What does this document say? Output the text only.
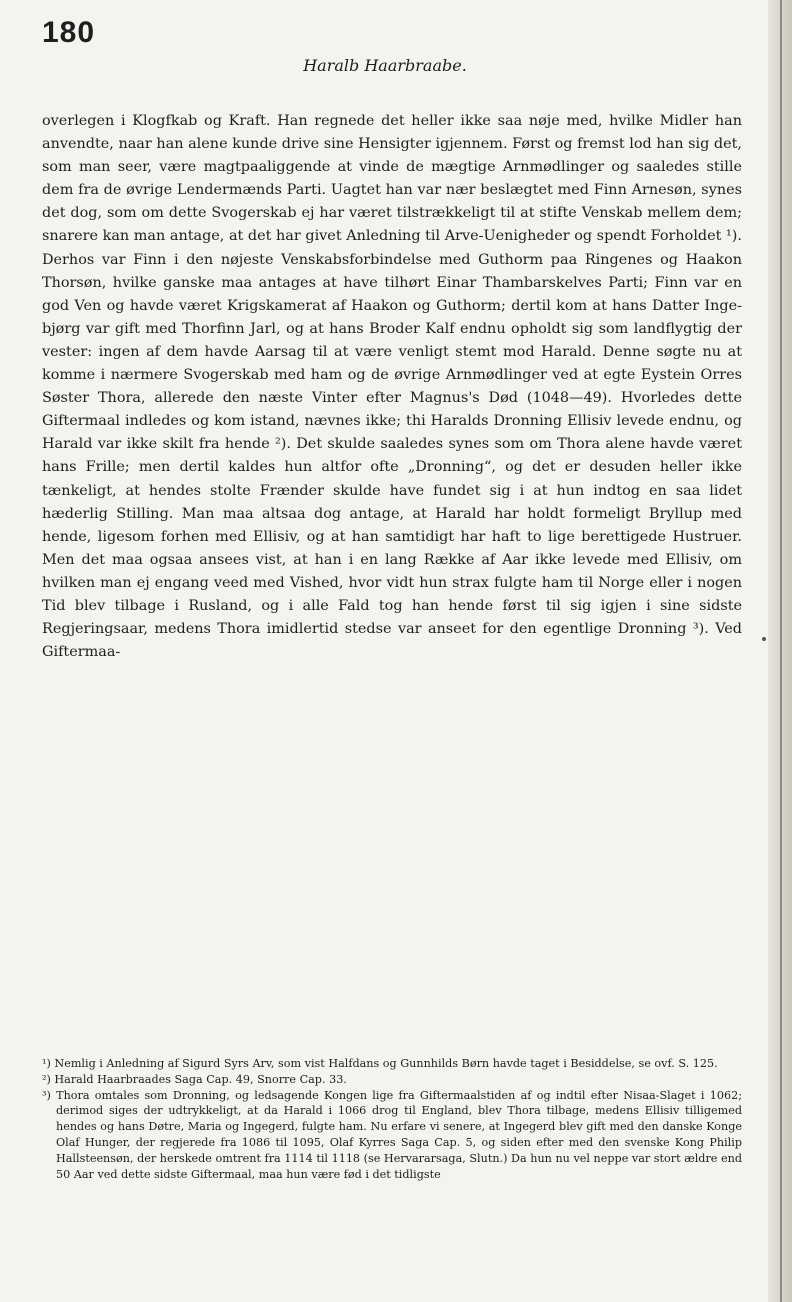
180
Haralb Haarbraabe.

overlegen i Klogfkab og Kraft. Han regnede det heller ikke saa nøje med, hvilke Midler han anvendte, naar han alene kunde drive sine Hensigter igjennem. Først og fremst lod han sig det, som man seer, være magtpaaliggende at vinde de mægtige Arnmødlinger og saaledes stille dem fra de øvrige Lendermænds Parti. Uagtet han var nær beslægtet med Finn Arnesøn, synes det dog, som om dette Svogerskab ej har været tilstrækkeligt til at stifte Venskab mellem dem; snarere kan man antage, at det har givet Anledning til Arve-Uenigheder og spendt Forholdet ¹). Derhos var Finn i den nøjeste Venskabsforbindelse med Guthorm paa Ringenes og Haakon Thorsøn, hvilke ganske maa antages at have tilhørt Einar Thambarskelves Parti; Finn var en god Ven og havde været Krigskamerat af Haakon og Guthorm; dertil kom at hans Datter Ingebjørg var gift med Thorfinn Jarl, og at hans Broder Kalf endnu opholdt sig som landflygtig der vester: ingen af dem havde Aarsag til at være venligt stemt mod Harald. Denne søgte nu at komme i nærmere Svogerskab med ham og de øvrige Arnmødlinger ved at egte Eystein Orres Søster Thora, allerede den næste Vinter efter Magnus's Død (1048—49). Hvorledes dette Giftermaal indledes og kom istand, nævnes ikke; thi Haralds Dronning Ellisiv levede endnu, og Harald var ikke skilt fra hende ²). Det skulde saaledes synes som om Thora alene havde været hans Frille; men dertil kaldes hun altfor ofte „Dronning“, og det er desuden heller ikke tænkeligt, at hendes stolte Frænder skulde have fundet sig i at hun indtog en saa lidet hæderlig Stilling. Man maa altsaa dog antage, at Harald har holdt formeligt Bryllup med hende, ligesom forhen med Ellisiv, og at han samtidigt har haft to lige berettigede Hustruer. Men det maa ogsaa ansees vist, at han i en lang Række af Aar ikke levede med Ellisiv, om hvilken man ej engang veed med Vished, hvor vidt hun strax fulgte ham til Norge eller i nogen Tid blev tilbage i Rusland, og i alle Fald tog han hende først til sig igjen i sine sidste Regjeringsaar, medens Thora imidlertid stedse var anseet for den egentlige Dronning ³). Ved Giftermaa-

¹) Nemlig i Anledning af Sigurd Syrs Arv, som vist Halfdans og Gunnhilds Børn havde taget i Besiddelse, se ovf. S. 125.

²) Harald Haarbraades Saga Cap. 49, Snorre Cap. 33.

³) Thora omtales som Dronning, og ledsagende Kongen lige fra Giftermaalstiden af og indtil efter Nisaa-Slaget i 1062; derimod siges der udtrykkeligt, at da Harald i 1066 drog til England, blev Thora tilbage, medens Ellisiv tilligemed hendes og hans Døtre, Maria og Ingegerd, fulgte ham. Nu erfare vi senere, at Ingegerd blev gift med den danske Konge Olaf Hunger, der regjerede fra 1086 til 1095, Olaf Kyrres Saga Cap. 5, og siden efter med den svenske Kong Philip Hallsteensøn, der herskede omtrent fra 1114 til 1118 (se Hervararsaga, Slutn.) Da hun nu vel neppe var stort ældre end 50 Aar ved dette sidste Giftermaal, maa hun være fød i det tidligste
